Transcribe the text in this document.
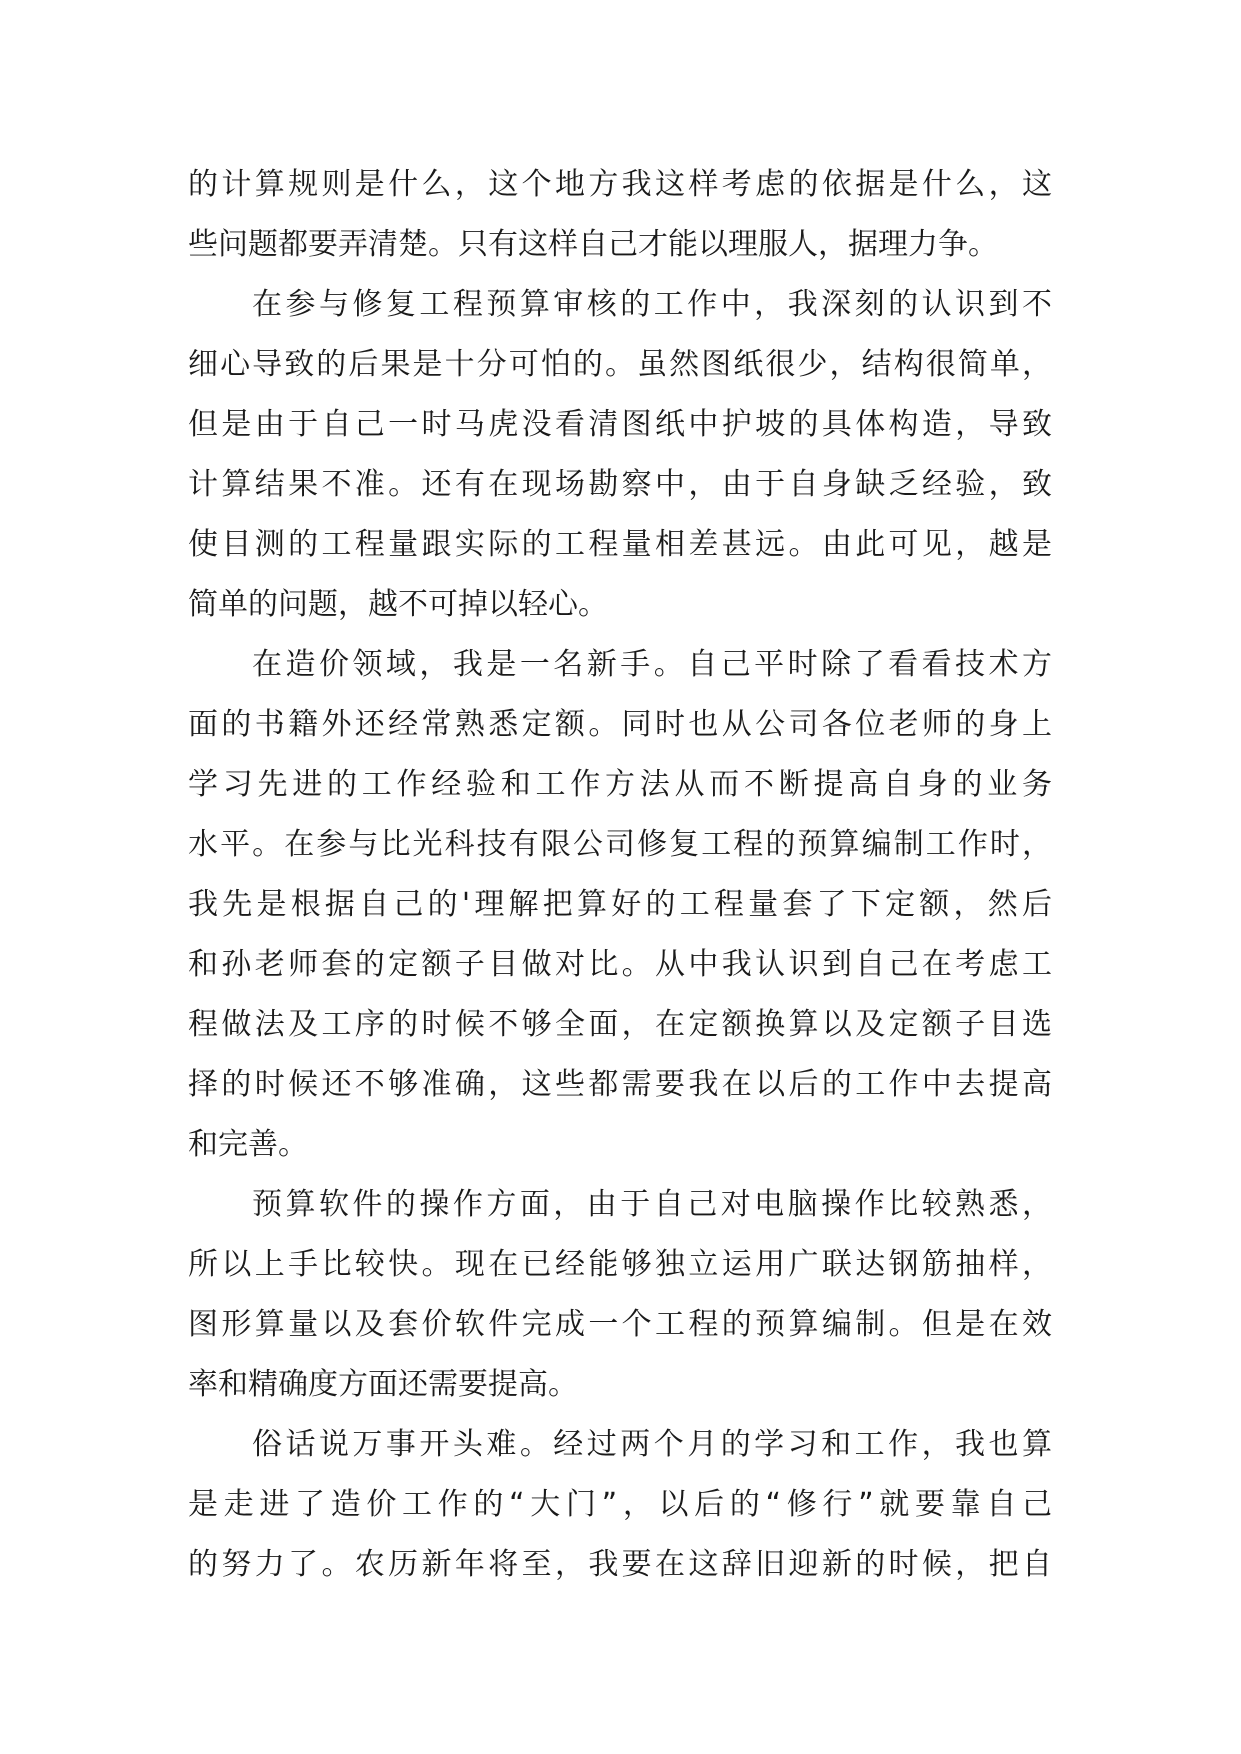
的计算规则是什么，这个地方我这样考虑的依据是什么，这
些问题都要弄清楚。只有这样自己才能以理服人，据理力争。
在参与修复工程预算审核的工作中，我深刻的认识到不
细心导致的后果是十分可怕的。虽然图纸很少，结构很简单，
但是由于自己一时马虎没看清图纸中护坡的具体构造，导致
计算结果不准。还有在现场勘察中，由于自身缺乏经验，致
使目测的工程量跟实际的工程量相差甚远。由此可见，越是
简单的问题，越不可掉以轻心。
在造价领域，我是一名新手。自己平时除了看看技术方
面的书籍外还经常熟悉定额。同时也从公司各位老师的身上
学习先进的工作经验和工作方法从而不断提高自身的业务
水平。在参与比光科技有限公司修复工程的预算编制工作时，
我先是根据自己的'理解把算好的工程量套了下定额，然后
和孙老师套的定额子目做对比。从中我认识到自己在考虑工
程做法及工序的时候不够全面，在定额换算以及定额子目选
择的时候还不够准确，这些都需要我在以后的工作中去提高
和完善。
预算软件的操作方面，由于自己对电脑操作比较熟悉，
所以上手比较快。现在已经能够独立运用广联达钢筋抽样，
图形算量以及套价软件完成一个工程的预算编制。但是在效
率和精确度方面还需要提高。
俗话说万事开头难。经过两个月的学习和工作，我也算
是走进了造价工作的“大门”，以后的“修行”就要靠自己
的努力了。农历新年将至，我要在这辞旧迎新的时候，把自
